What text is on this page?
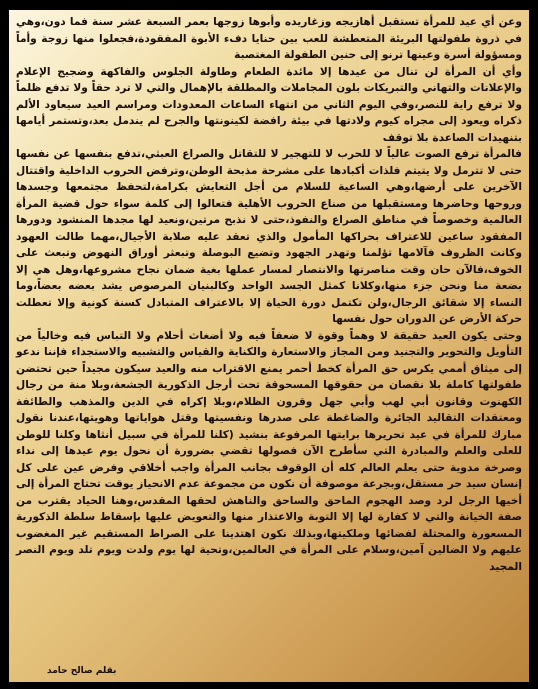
وعن أي عيد للمرأة تستقبل أهازيجه وزغاريده وأبوها زوجها بعمر السبعة عشر سنة فما دون،وهي في ذروة طفولتها البريئة المتعطشة للعب بين حنايا دفء الأبوة المفقودة،فجعلوا منها زوجة وأماً ومسؤولة أسرة وعينها ترنو إلى حنين الطفولة المغتصبة

وأي أن المرأة لن تنال من عيدها إلا مائدة الطعام وطاولة الجلوس والفاكهة وضجيج الإعلام والإعلانات والتهاني والتبريكات بلون المجاملات والمطلقة بالإهمال والتي لا ترد حقاً ولا تدفع ظلماً ولا ترفع راية للنصر،وفي اليوم الثاني من انتهاء الساعات المعدودات ومراسم العيد سيعاود الألم ذكراه ويعود إلى مجراه كيوم ولادتها في بيئة رافضة لكينونتها والجرح لم يندمل بعد،وتستمر أيامها بتنهيدات الصاعدة بلا توقف

فالمرأة ترفع الصوت عالياً لا للحرب لا للتهجير لا للتقاتل والصراع العبثي،تدفع بنفسها عن نفسها حتى لا تترمل ولا يتيتم فلذات أكبادها على مشرحة مذبحة الوطن،وترفض الحروب الداخلية واقتتال الآخرين على أرضها،وهي الساعية للسلام من أجل التعايش بكرامة،لتحفظ مجتمعها وجسدها وروحها وحاضرها ومستقبلها من صناع الحروب الأهلية فتعالوا إلى كلمة سواء حول قضية المرأة العالمية وخصوصاً في مناطق الصراع والنفوذ،حتى لا نذبح مرتين،ونعيد لها مجدها المنشود ودورها المفقود ساعين للاعتراف بحراكها المأمول والذي تعقد عليه صلابة الأجيال،مهما طالت العهود وكانت الظروف فآلامها تؤلمنا وتهدر الجهود وتضيع البوصلة وتبعثر أوراق النهوض وتبعث على الخوف،فالآن حان وقت مناصرتها والانتصار لمسار عملها بغية ضمان نجاح مشروعها،وهل هي إلا بضعة منا ونحن جزء منها،وكلانا كمثل الجسد الواحد وكالبنيان المرصوص يشد بعضه بعضاً،وما النساء إلا شقائق الرجال،ولن تكتمل دورة الحياة إلا بالاعتراف المتبادل كسنة كونية وإلا تعطلت حركة الأرض عن الدوران حول نفسها

وحتى يكون العيد حقيقة لا وهماً وقوة لا ضعفاً فيه ولا أضغاث أحلام ولا التباس فيه وخالياً من التأويل والتحوير والتجنيد ومن المجاز والاستعارة والكناية والقياس والتشبيه والاستجداء فإننا ندعو إلى ميثاق أممي يكرس حق المرأة كخط أحمر يمنع الاقتراب منه والعيد سيكون مجيداً حين تحتضن طفولتها كاملة بلا نقصان من حقوقها المسحوقة تحت أرجل الذكورية الجشعة،وبلا منة من رجال الكهنوت وقانون أبي لهب وأبي جهل وقرون الظلام،وبلا إكراه في الدين والمذهب والطائفة ومعتقدات التقاليد الجائرة والضاغطة على صدرها ونفسيتها وقتل هواياتها وهويتها،عندنا نقول مبارك للمرأة في عيد تحريرها برايتها المرفوعة بنشيد (كلنا للمرأة في سبيل أنثاها وكلنا للوطن للعلى والعلم والمبادرة التي سأطرح الآن فصولها تقضي بضرورة أن نحول يوم عيدها إلى نداء وصرخة مدوية حتى يعلم العالم كله أن الوقوف بجانب المرأة واجب أخلاقي وفرض عين على كل إنسان سيد حر مستقل،وبجرعة موصوفة أن نكون من مجموعة عدم الانحياز يوقت تحتاج المرأة إلى أخيها الرجل لرد وصد الهجوم الماحق والساحق والناهش لحقها المقدس،وهنا الحياد يقترب من صفة الخيانة والتي لا كفارة لها إلا التوبة والاعتذار منها والتعويض عليها بإسقاط سلطة الذكورية المسعورة والمحتلة لفضائها وملكيتها،وبذلك نكون اهتدينا على الصراط المستقيم غير المغضوب عليهم ولا الضالين آمين،وسلام على المرأة في العالمين،وتحية لها يوم ولدت ويوم تلد ويوم النصر المجيد

بقلم صالح حامد
